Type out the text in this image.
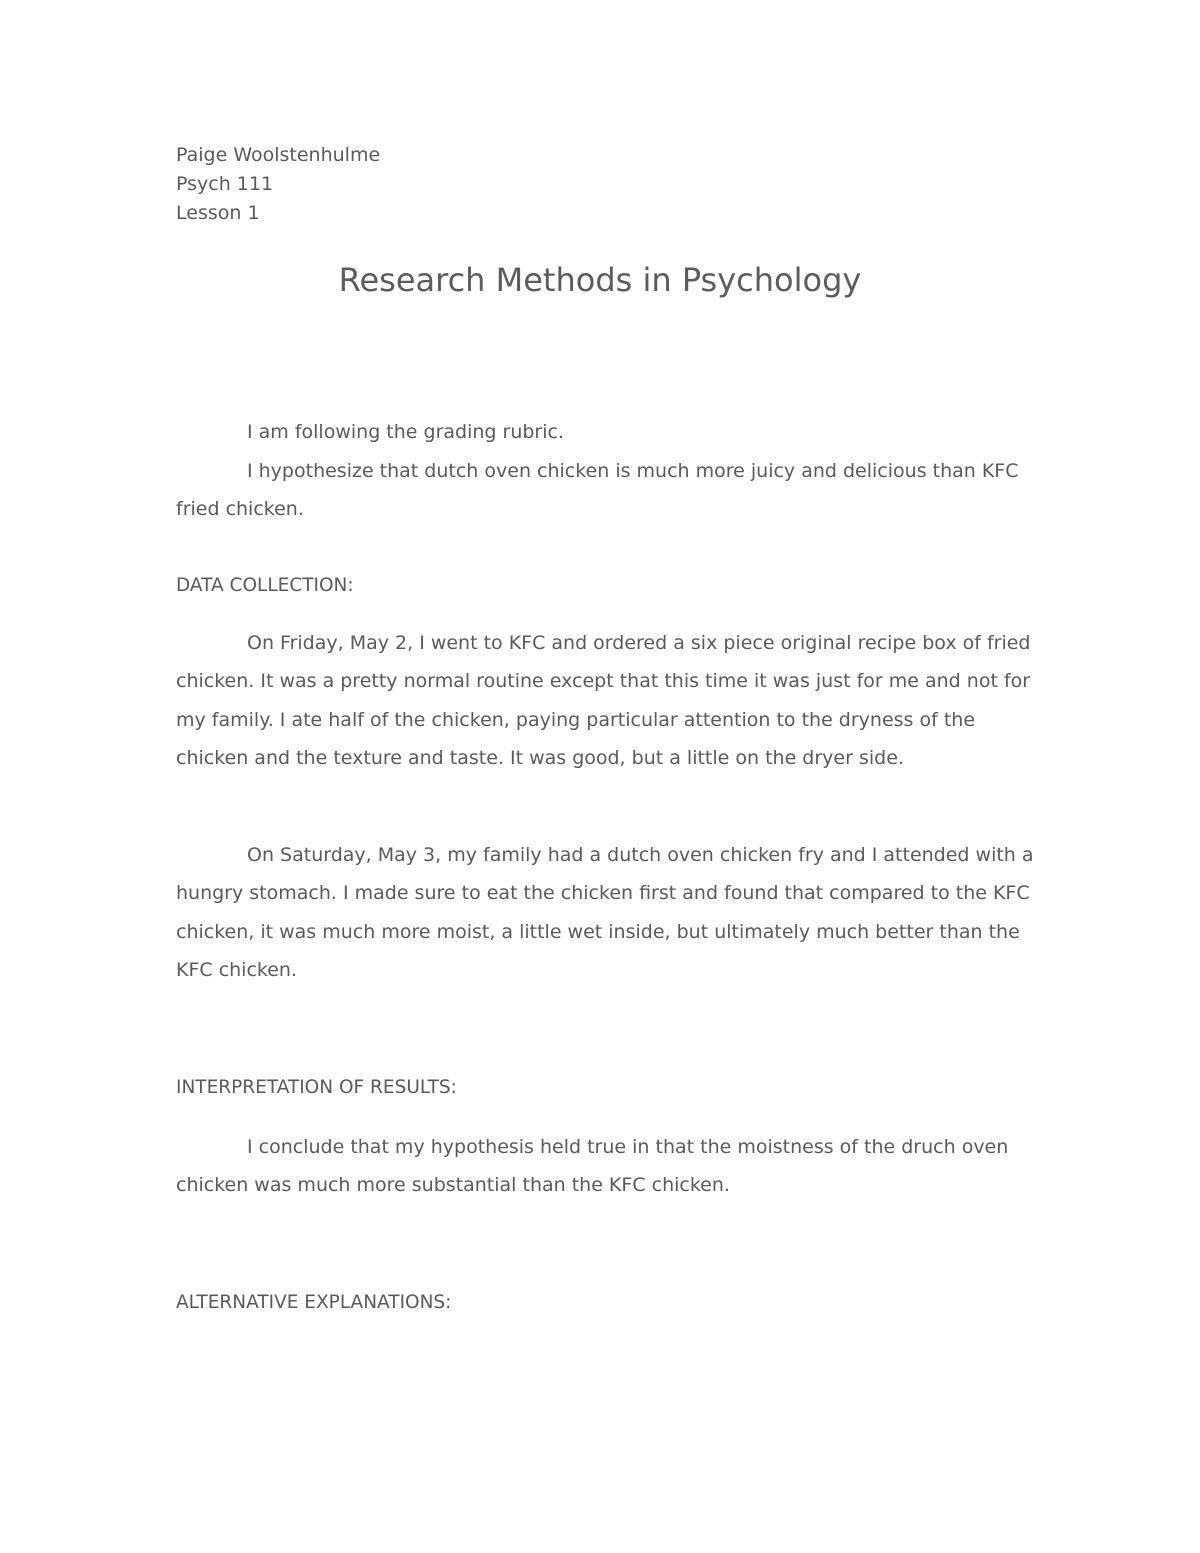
Paige Woolstenhulme

Psych 111

Lesson 1

Research Methods in Psychology

I am following the grading rubric.

I hypothesize that dutch oven chicken is much more juicy and delicious than KFC fried chicken.

DATA COLLECTION:

On Friday, May 2, I went to KFC and ordered a six piece original recipe box of fried chicken. It was a pretty normal routine except that this time it was just for me and not for my family. I ate half of the chicken, paying particular attention to the dryness of the chicken and the texture and taste. It was good, but a little on the dryer side.

On Saturday, May 3, my family had a dutch oven chicken fry and I attended with a hungry stomach. I made sure to eat the chicken first and found that compared to the KFC chicken, it was much more moist, a little wet inside, but ultimately much better than the KFC chicken.

INTERPRETATION OF RESULTS:

I conclude that my hypothesis held true in that the moistness of the druch oven chicken was much more substantial than the KFC chicken.

ALTERNATIVE EXPLANATIONS:
